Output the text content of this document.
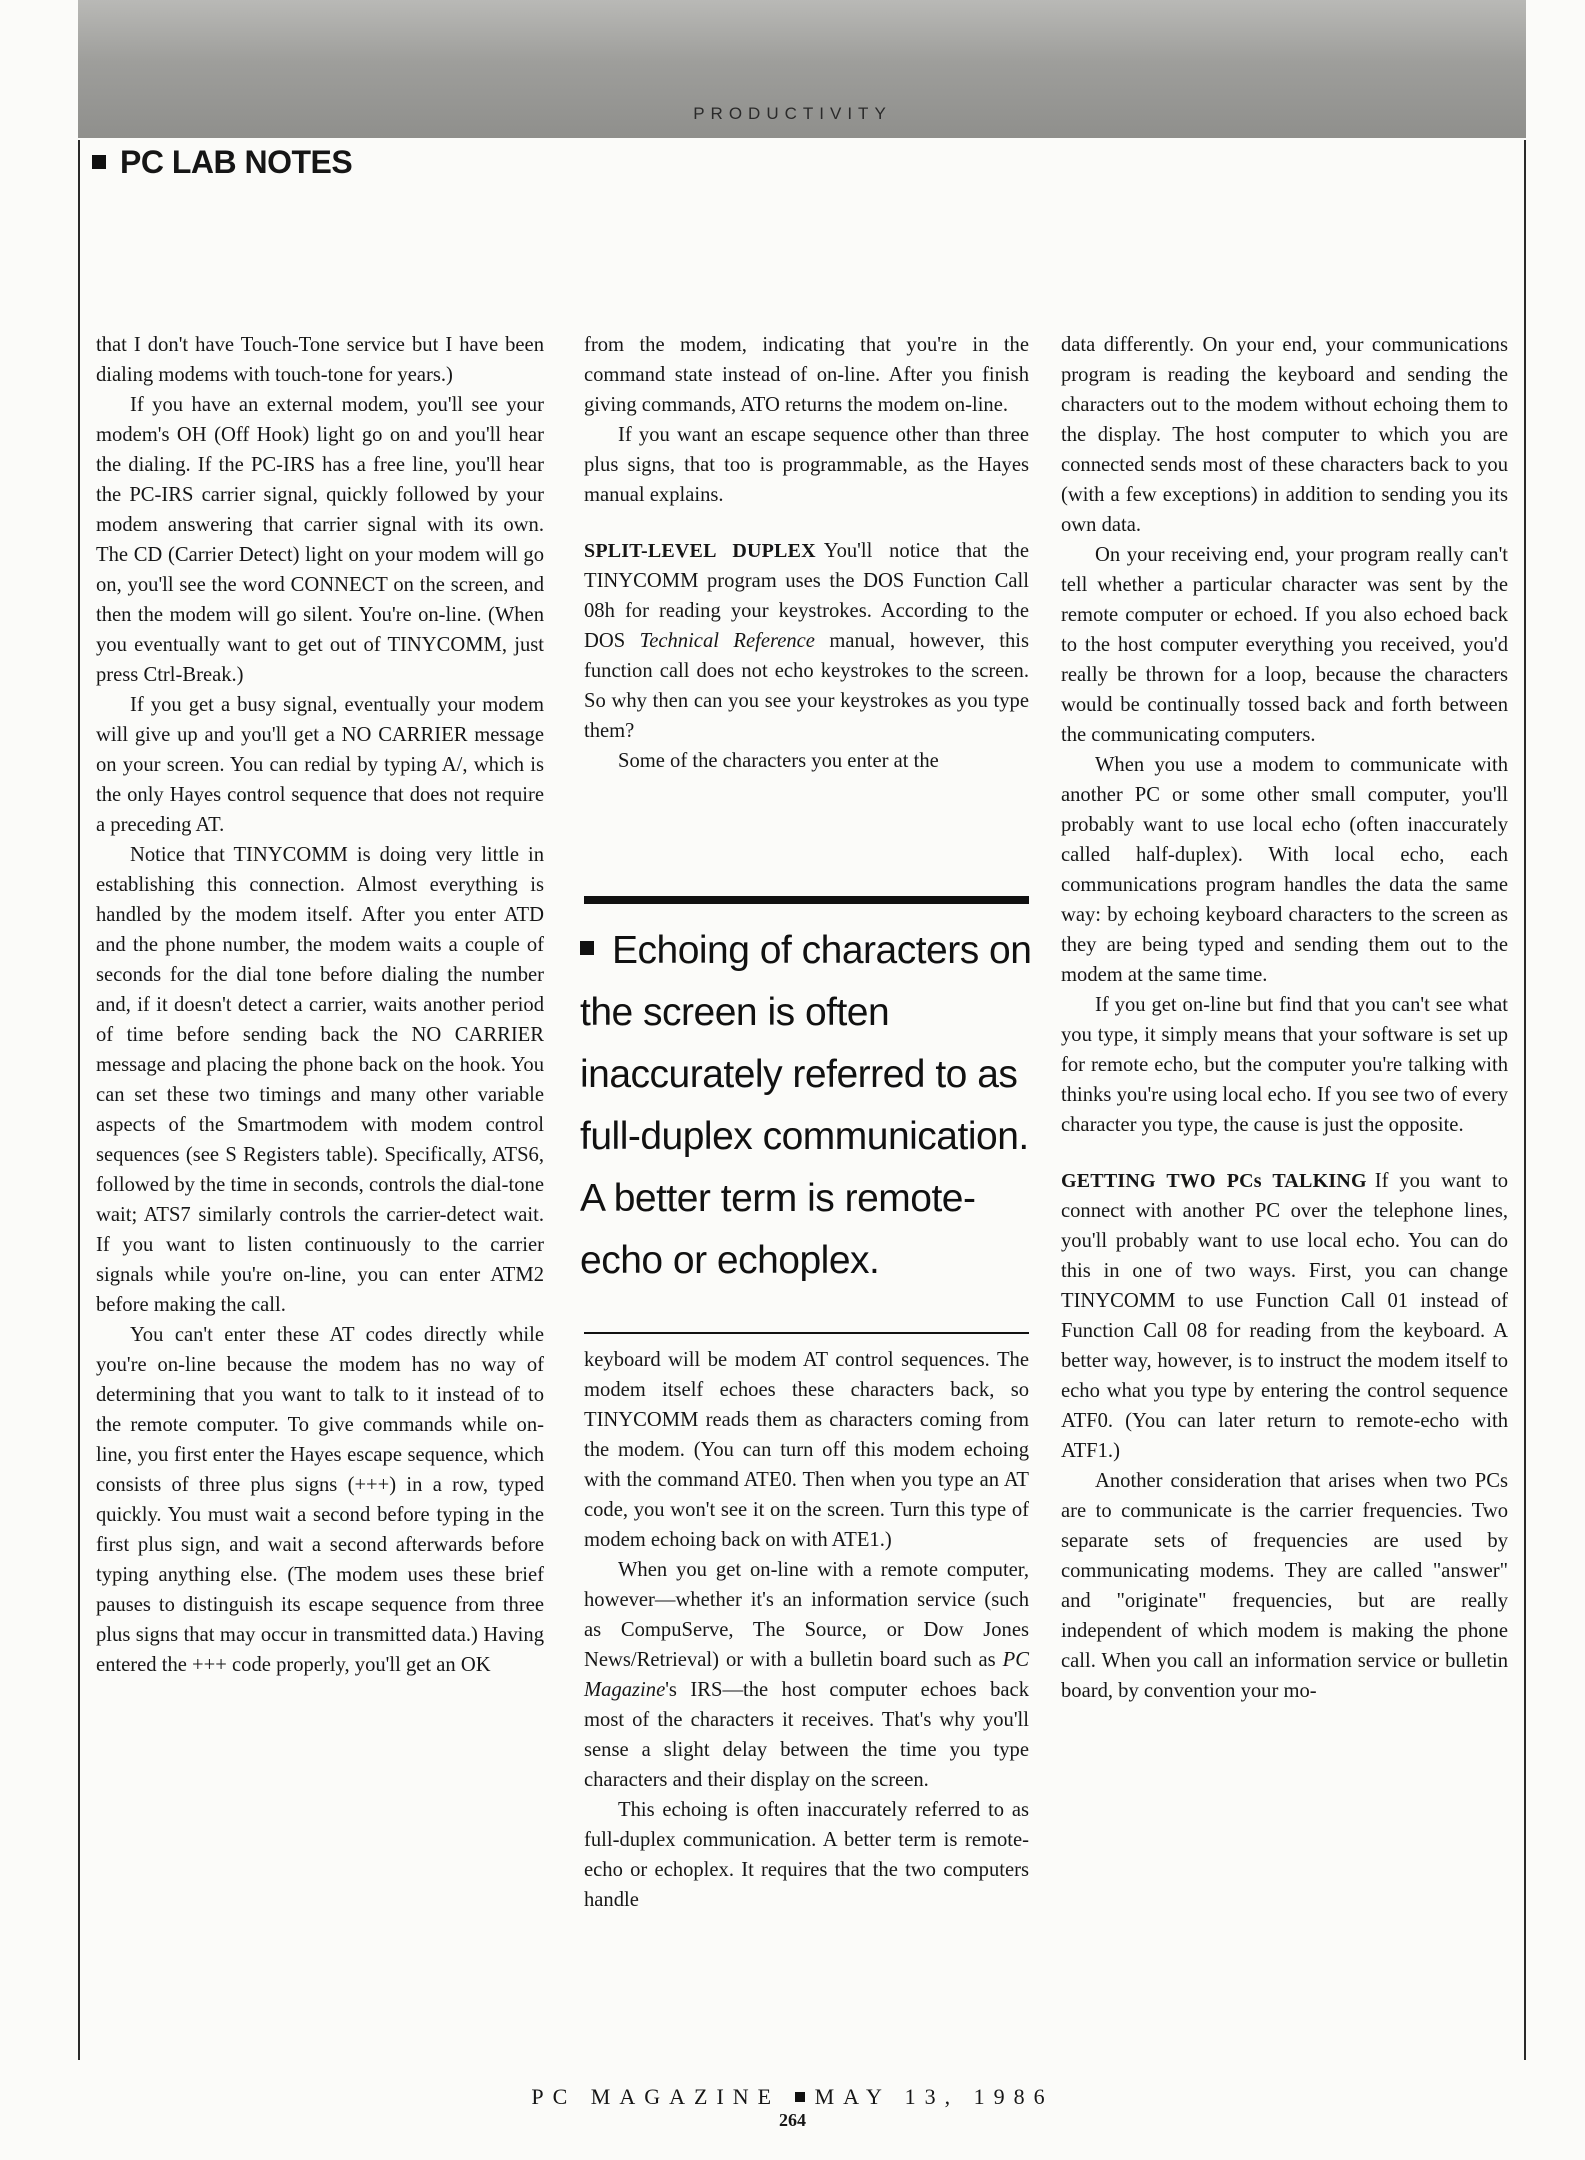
PRODUCTIVITY
PC LAB NOTES

that I don't have Touch-Tone service but I have been dialing modems with touch-tone for years.)

If you have an external modem, you'll see your modem's OH (Off Hook) light go on and you'll hear the dialing. If the PC-IRS has a free line, you'll hear the PC-IRS carrier signal, quickly followed by your modem answering that carrier signal with its own. The CD (Carrier Detect) light on your modem will go on, you'll see the word CONNECT on the screen, and then the modem will go silent. You're on-line. (When you eventually want to get out of TINYCOMM, just press Ctrl-Break.)

If you get a busy signal, eventually your modem will give up and you'll get a NO CARRIER message on your screen. You can redial by typing A/, which is the only Hayes control sequence that does not require a preceding AT.

Notice that TINYCOMM is doing very little in establishing this connection. Almost everything is handled by the modem itself. After you enter ATD and the phone number, the modem waits a couple of seconds for the dial tone before dialing the number and, if it doesn't detect a carrier, waits another period of time before sending back the NO CARRIER message and placing the phone back on the hook. You can set these two timings and many other variable aspects of the Smartmodem with modem control sequences (see S Registers table). Specifically, ATS6, followed by the time in seconds, controls the dial-tone wait; ATS7 similarly controls the carrier-detect wait. If you want to listen continuously to the carrier signals while you're on-line, you can enter ATM2 before making the call.

You can't enter these AT codes directly while you're on-line because the modem has no way of determining that you want to talk to it instead of to the remote computer. To give commands while on-line, you first enter the Hayes escape sequence, which consists of three plus signs (+++) in a row, typed quickly. You must wait a second before typing in the first plus sign, and wait a second afterwards before typing anything else. (The modem uses these brief pauses to distinguish its escape sequence from three plus signs that may occur in transmitted data.) Having entered the +++ code properly, you'll get an OK

from the modem, indicating that you're in the command state instead of on-line. After you finish giving commands, ATO returns the modem on-line.

If you want an escape sequence other than three plus signs, that too is programmable, as the Hayes manual explains.

SPLIT-LEVEL DUPLEX You'll notice that the TINYCOMM program uses the DOS Function Call 08h for reading your keystrokes. According to the DOS Technical Reference manual, however, this function call does not echo keystrokes to the screen. So why then can you see your keystrokes as you type them?

Some of the characters you enter at the

Echoing of characters on the screen is often inaccurately referred to as full-duplex communication. A better term is remote-echo or echoplex.

keyboard will be modem AT control sequences. The modem itself echoes these characters back, so TINYCOMM reads them as characters coming from the modem. (You can turn off this modem echoing with the command ATE0. Then when you type an AT code, you won't see it on the screen. Turn this type of modem echoing back on with ATE1.)

When you get on-line with a remote computer, however—whether it's an information service (such as CompuServe, The Source, or Dow Jones News/Retrieval) or with a bulletin board such as PC Magazine's IRS—the host computer echoes back most of the characters it receives. That's why you'll sense a slight delay between the time you type characters and their display on the screen.

This echoing is often inaccurately referred to as full-duplex communication. A better term is remote-echo or echoplex. It requires that the two computers handle

data differently. On your end, your communications program is reading the keyboard and sending the characters out to the modem without echoing them to the display. The host computer to which you are connected sends most of these characters back to you (with a few exceptions) in addition to sending you its own data.

On your receiving end, your program really can't tell whether a particular character was sent by the remote computer or echoed. If you also echoed back to the host computer everything you received, you'd really be thrown for a loop, because the characters would be continually tossed back and forth between the communicating computers.

When you use a modem to communicate with another PC or some other small computer, you'll probably want to use local echo (often inaccurately called half-duplex). With local echo, each communications program handles the data the same way: by echoing keyboard characters to the screen as they are being typed and sending them out to the modem at the same time.

If you get on-line but find that you can't see what you type, it simply means that your software is set up for remote echo, but the computer you're talking with thinks you're using local echo. If you see two of every character you type, the cause is just the opposite.

GETTING TWO PCs TALKING If you want to connect with another PC over the telephone lines, you'll probably want to use local echo. You can do this in one of two ways. First, you can change TINYCOMM to use Function Call 01 instead of Function Call 08 for reading from the keyboard. A better way, however, is to instruct the modem itself to echo what you type by entering the control sequence ATF0. (You can later return to remote-echo with ATF1.)

Another consideration that arises when two PCs are to communicate is the carrier frequencies. Two separate sets of frequencies are used by communicating modems. They are called "answer" and "originate" frequencies, but are really independent of which modem is making the phone call. When you call an information service or bulletin board, by convention your mo-

PC MAGAZINE MAY 13, 1986
264
